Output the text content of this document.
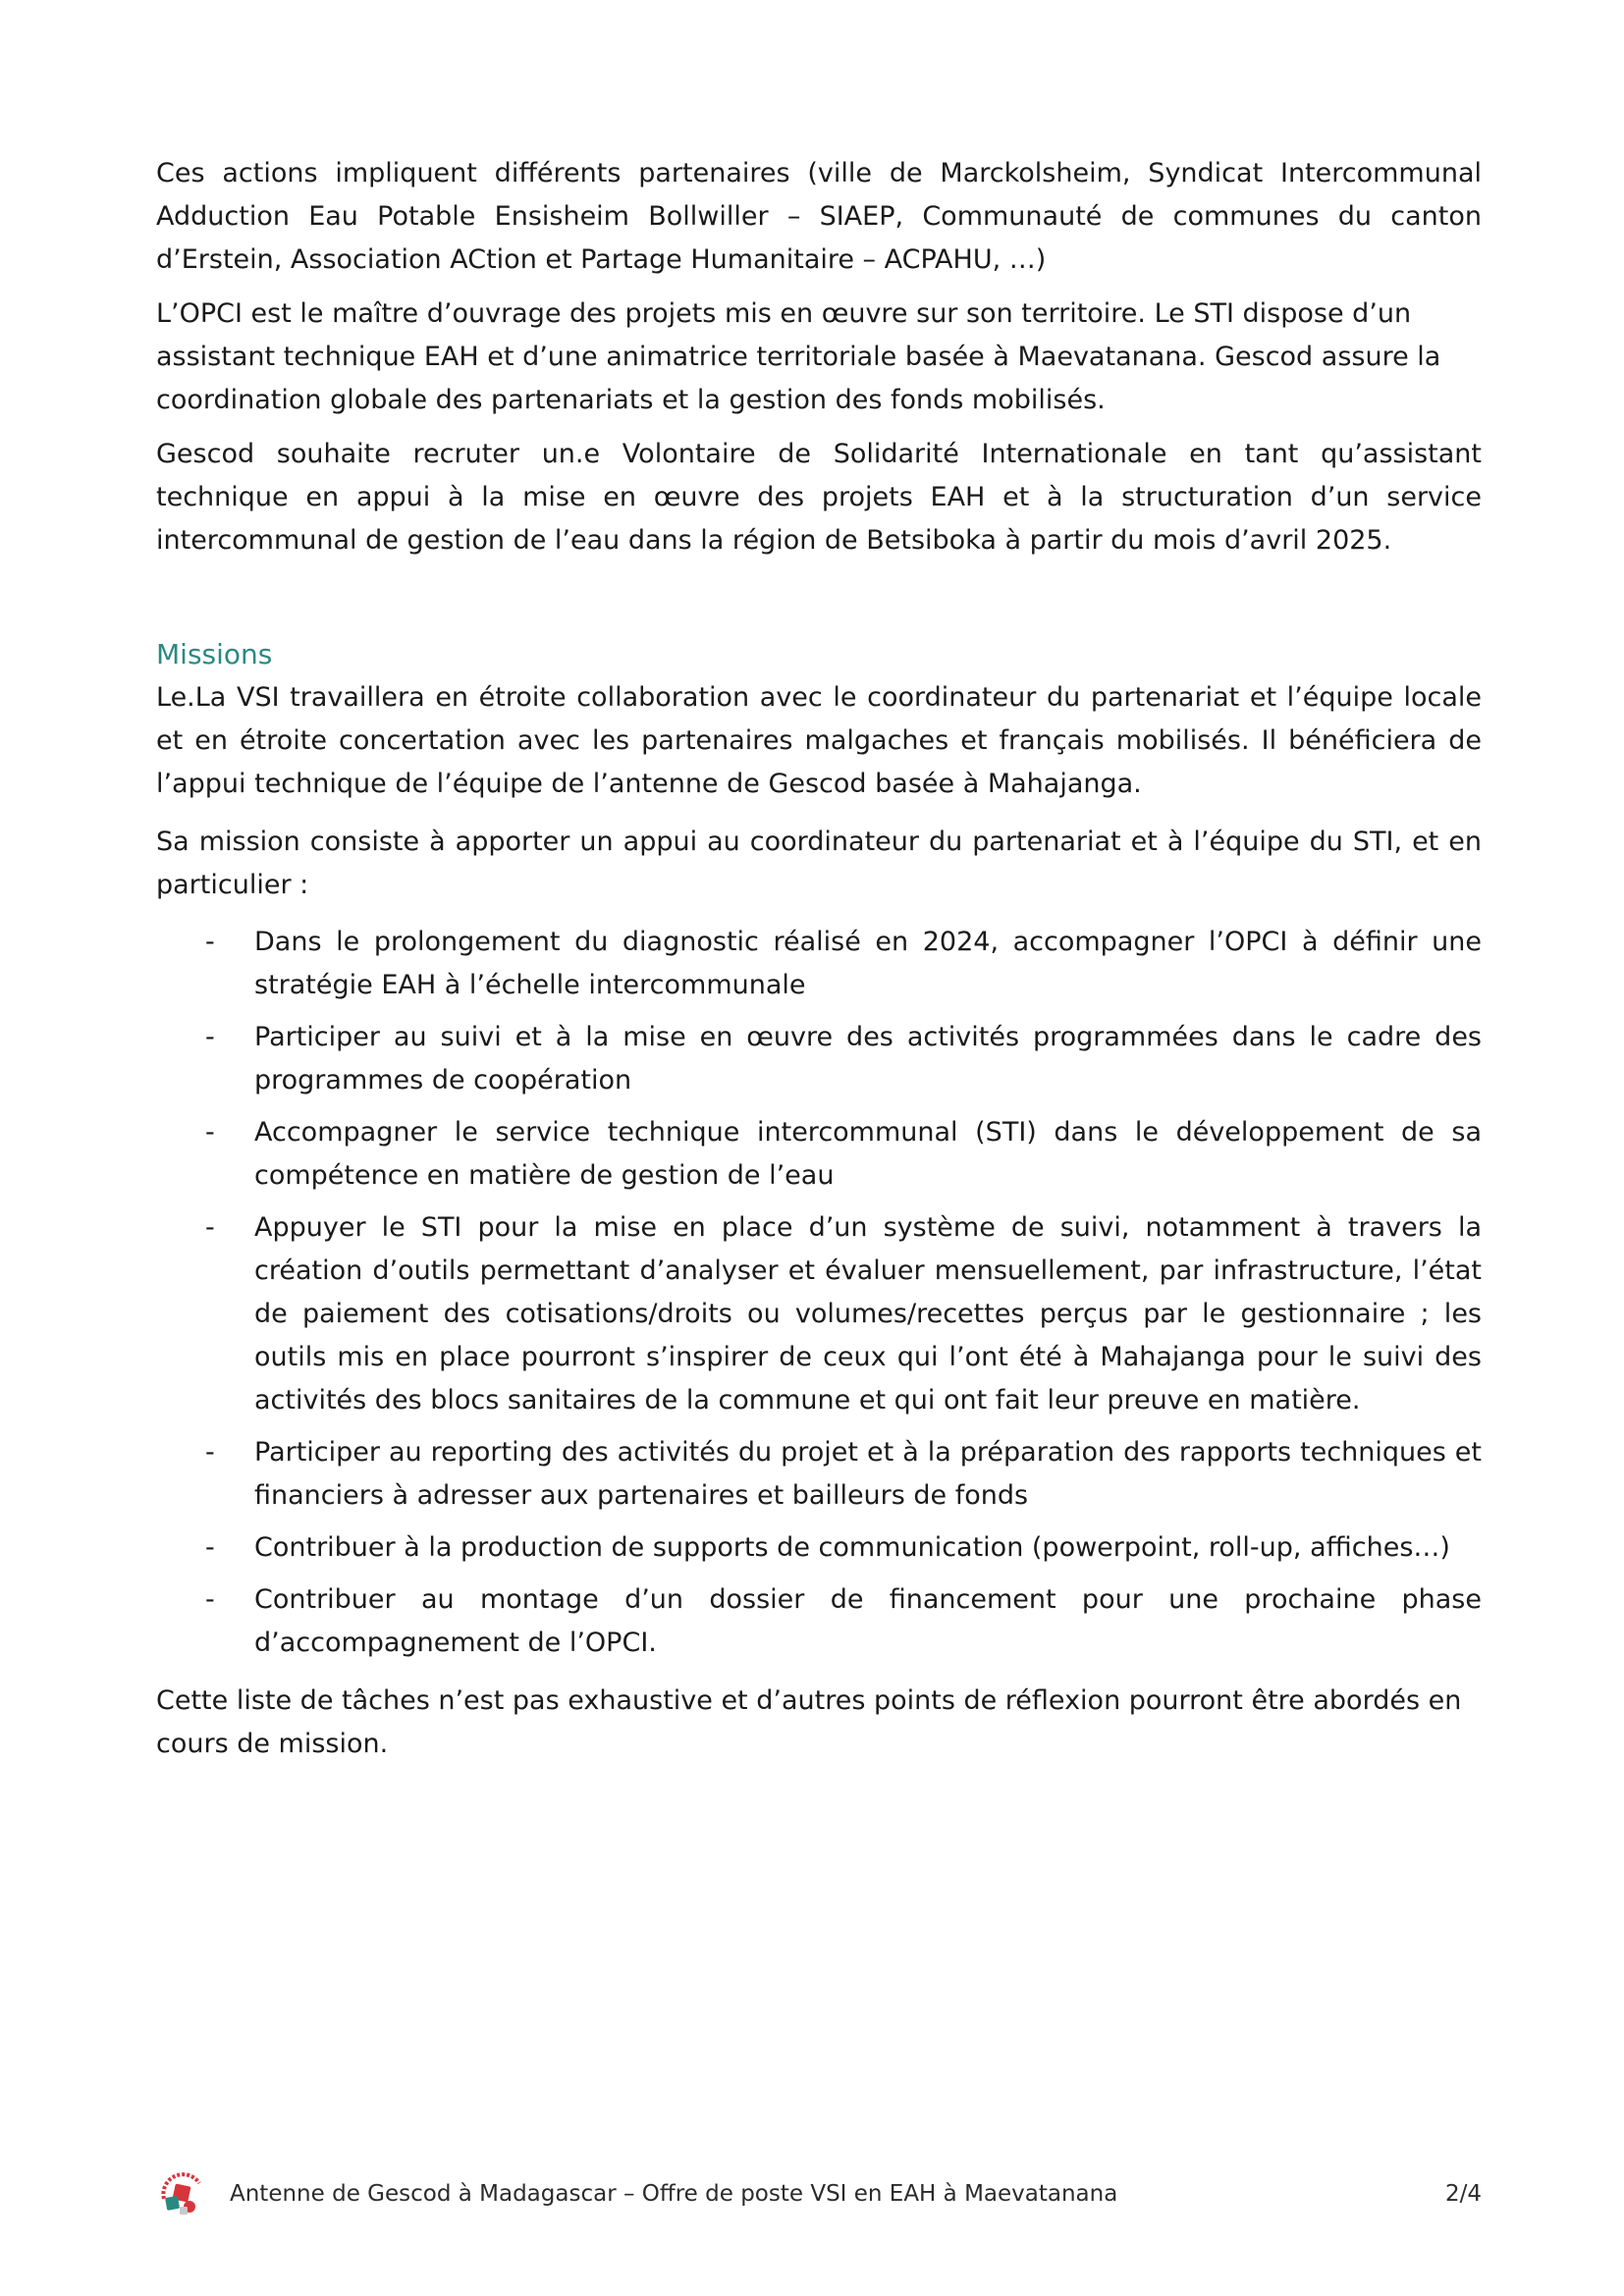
Ces actions impliquent différents partenaires (ville de Marckolsheim, Syndicat Intercommunal Adduction Eau Potable Ensisheim Bollwiller – SIAEP, Communauté de communes du canton d’Erstein, Association ACtion et Partage Humanitaire – ACPAHU, …)

L’OPCI est le maître d’ouvrage des projets mis en œuvre sur son territoire. Le STI dispose d’un assistant technique EAH et d’une animatrice territoriale basée à Maevatanana. Gescod assure la coordination globale des partenariats et la gestion des fonds mobilisés.

Gescod souhaite recruter un.e Volontaire de Solidarité Internationale en tant qu’assistant technique en appui à la mise en œuvre des projets EAH et à la structuration d’un service intercommunal de gestion de l’eau dans la région de Betsiboka à partir du mois d’avril 2025.

Missions

Le.La VSI travaillera en étroite collaboration avec le coordinateur du partenariat et l’équipe locale et en étroite concertation avec les partenaires malgaches et français mobilisés. Il bénéficiera de l’appui technique de l’équipe de l’antenne de Gescod basée à Mahajanga.

Sa mission consiste à apporter un appui au coordinateur du partenariat et à l’équipe du STI, et en particulier :

- Dans le prolongement du diagnostic réalisé en 2024, accompagner l’OPCI à définir une stratégie EAH à l’échelle intercommunale
- Participer au suivi et à la mise en œuvre des activités programmées dans le cadre des programmes de coopération
- Accompagner le service technique intercommunal (STI) dans le développement de sa compétence en matière de gestion de l’eau
- Appuyer le STI pour la mise en place d’un système de suivi, notamment à travers la création d’outils permettant d’analyser et évaluer mensuellement, par infrastructure, l’état de paiement des cotisations/droits ou volumes/recettes perçus par le gestionnaire ; les outils mis en place pourront s’inspirer de ceux qui l’ont été à Mahajanga pour le suivi des activités des blocs sanitaires de la commune et qui ont fait leur preuve en matière.
- Participer au reporting des activités du projet et à la préparation des rapports techniques et financiers à adresser aux partenaires et bailleurs de fonds
- Contribuer à la production de supports de communication (powerpoint, roll-up, affiches…)
- Contribuer au montage d’un dossier de financement pour une prochaine phase d’accompagnement de l’OPCI.

Cette liste de tâches n’est pas exhaustive et d’autres points de réflexion pourront être abordés en cours de mission.

Antenne de Gescod à Madagascar – Offre de poste VSI en EAH à Maevatanana	2/4
